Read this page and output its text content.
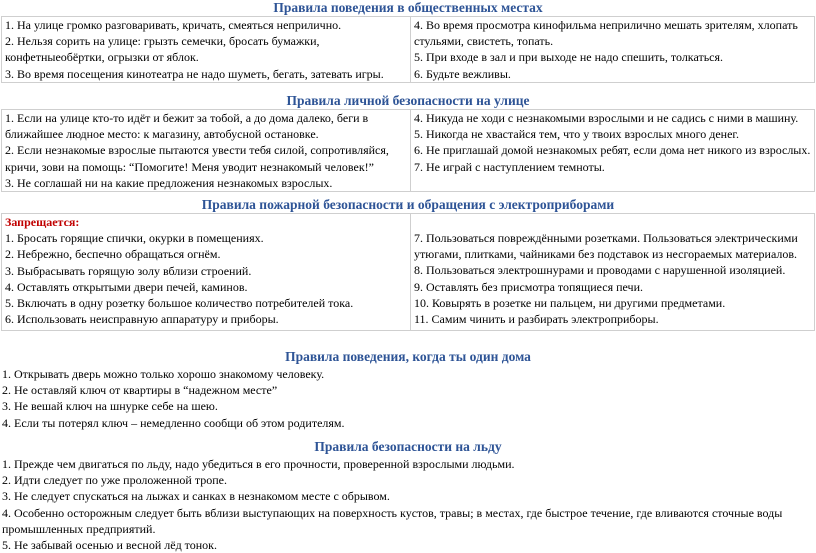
Правила поведения в общественных местах
1. На улице громко разговаривать, кричать, смеяться неприлично.
2. Нельзя сорить на улице: грызть семечки, бросать бумажки, конфетныеобёртки, огрызки от яблок.
3. Во время посещения кинотеатра не надо шуметь, бегать, затевать игры.

4. Во время просмотра кинофильма неприлично мешать зрителям, хлопать стульями, свистеть, топать.
5. При входе в зал и при выходе не надо спешить, толкаться.
6. Будьте вежливы.
Правила личной безопасности на улице
1. Если на улице кто-то идёт и бежит за тобой, а до дома далеко, беги в ближайшее людное место: к магазину, автобусной остановке.
2. Если незнакомые взрослые пытаются увести тебя силой, сопротивляйся, кричи, зови на помощь: “Помогите! Меня уводит незнакомый человек!”
3. Не соглашай ни на какие предложения незнакомых взрослых.

4. Никуда не ходи с незнакомыми взрослыми и не садись с ними в машину.
5. Никогда не хвастайся тем, что у твоих взрослых много денег.
6. Не приглашай домой незнакомых ребят, если дома нет никого из взрослых.
7. Не играй с наступлением темноты.
Правила пожарной безопасности и обращения с электроприборами
Запрещается:
1. Бросать горящие спички, окурки в помещениях.
2. Небрежно, беспечно обращаться огнём.
3. Выбрасывать горящую золу вблизи строений.
4. Оставлять открытыми двери печей, каминов.
5. Включать в одну розетку большое количество потребителей тока.
6. Использовать неисправную аппаратуру и приборы.

7. Пользоваться повреждёнными розетками. Пользоваться электрическими утюгами, плитками, чайниками без подставок из несгораемых материалов.
8. Пользоваться электрошнурами и проводами с нарушенной изоляцией.
9. Оставлять без присмотра топящиеся печи.
10. Ковырять в розетке ни пальцем, ни другими предметами.
11. Самим чинить и разбирать электроприборы.
Правила поведения, когда ты один дома
1. Открывать дверь можно только хорошо знакомому человеку.
2. Не оставляй ключ от квартиры в “надежном месте”
3. Не вешай ключ на шнурке себе на шею.
4. Если ты потерял ключ – немедленно сообщи об этом родителям.
Правила безопасности на льду
1. Прежде чем двигаться по льду, надо убедиться в его прочности, проверенной взрослыми людьми.
2. Идти следует по уже проложенной тропе.
3. Не следует спускаться на лыжах и санках в незнакомом месте с обрывом.
4. Особенно осторожным следует быть вблизи выступающих на поверхность кустов, травы; в местах, где быстрое течение, где вливаются сточные воды промышленных предприятий.
5. Не забывай осенью и весной лёд тонок.
